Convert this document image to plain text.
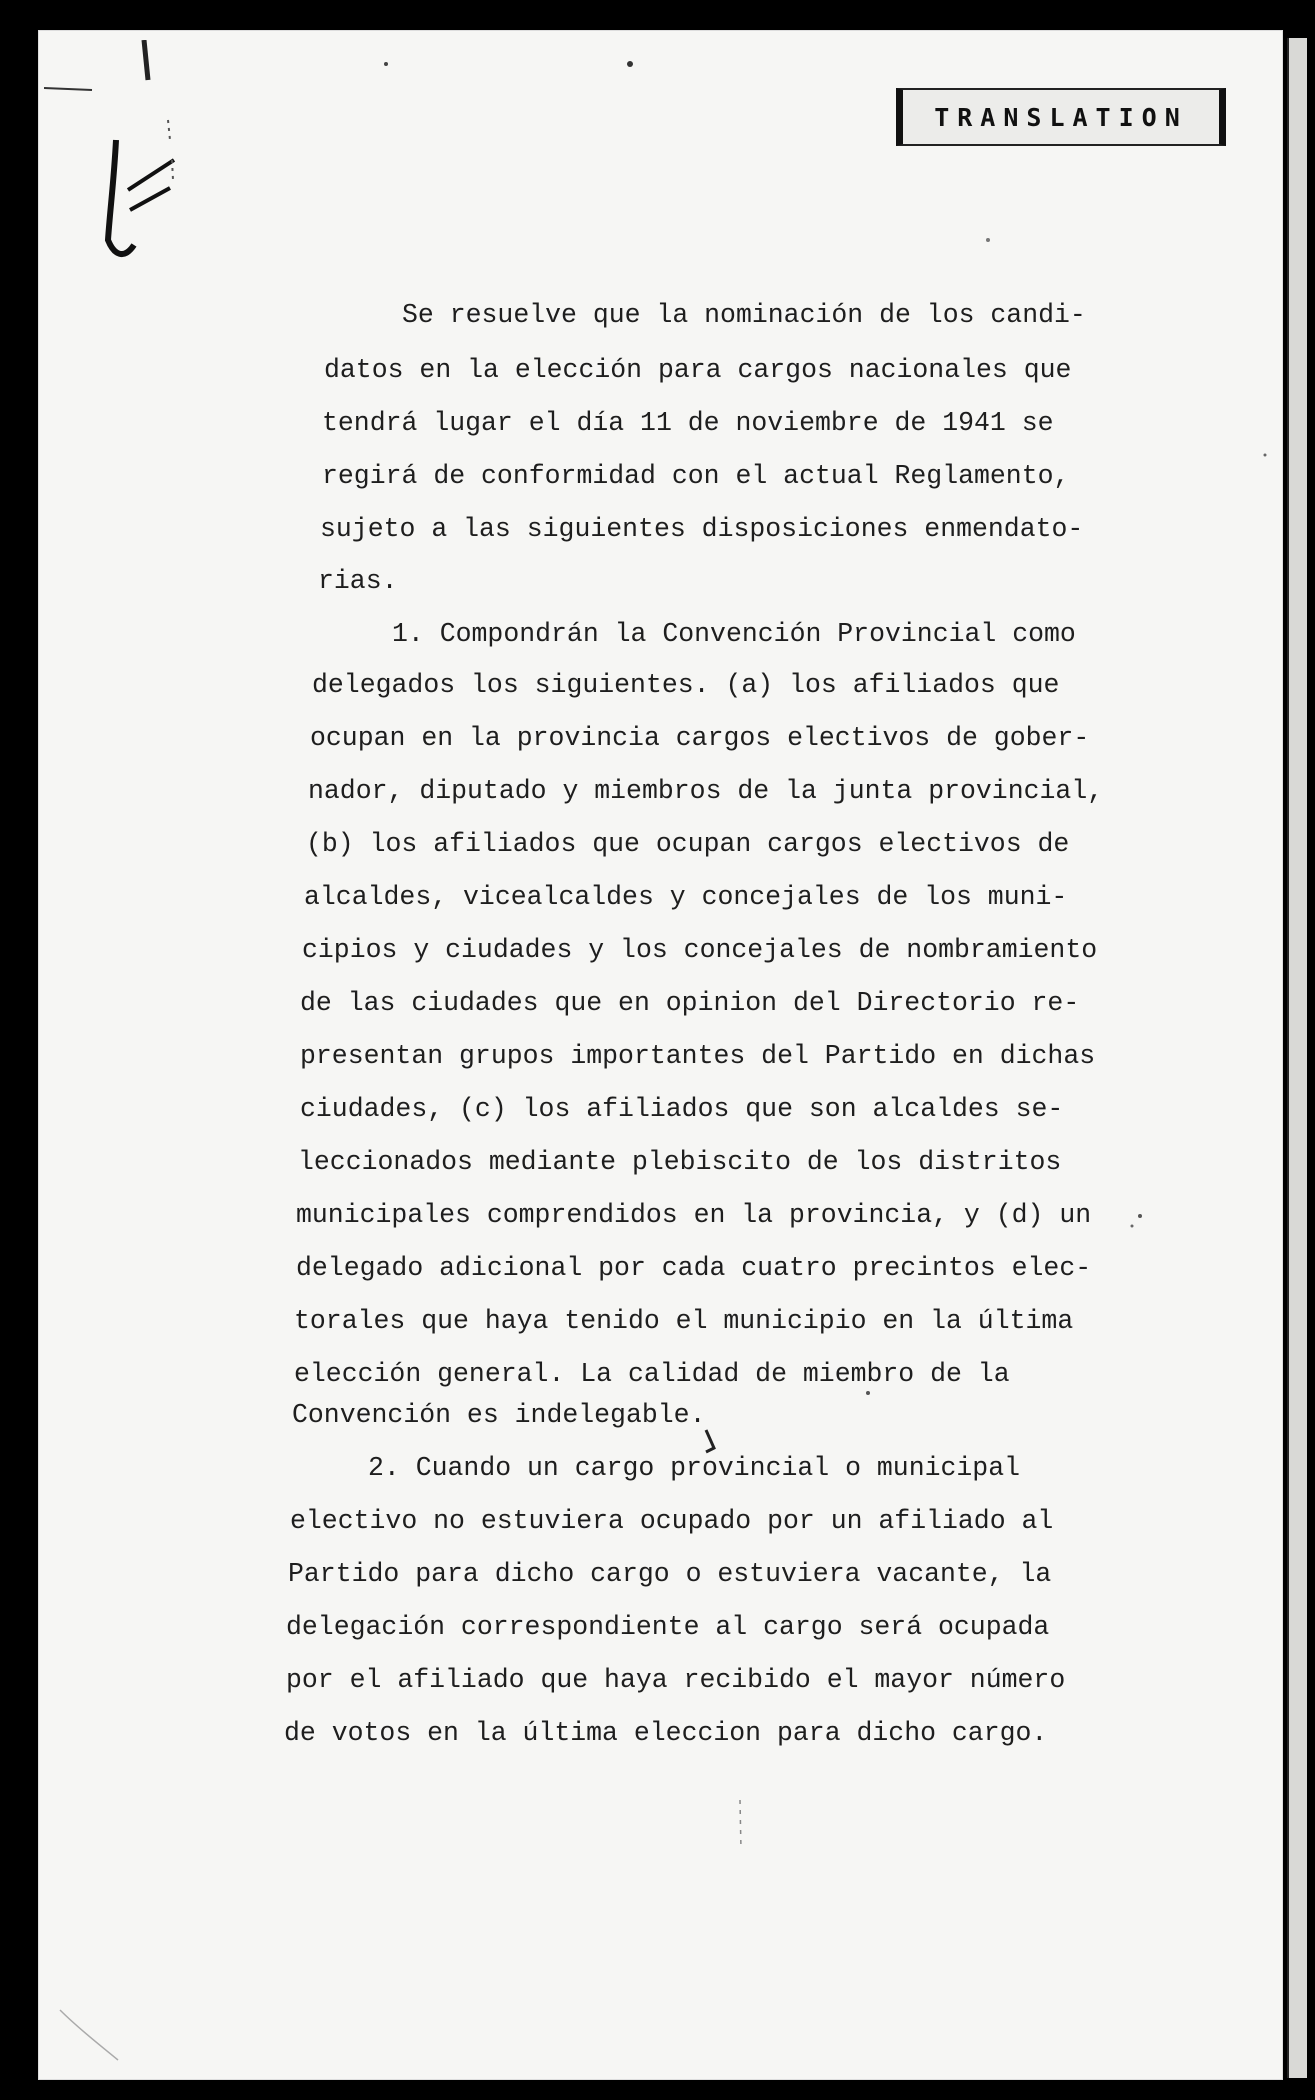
TRANSLATION
Se resuelve que la nominación de los candi-
datos en la elección para cargos nacionales que
tendrá lugar el día 11 de noviembre de 1941 se
regirá de conformidad con el actual Reglamento,
sujeto a las siguientes disposiciones enmendato-
rias.
1. Compondrán la Convención Provincial como
delegados los siguientes. (a) los afiliados que
ocupan en la provincia cargos electivos de gober-
nador, diputado y miembros de la junta provincial,
(b) los afiliados que ocupan cargos electivos de
alcaldes, vicealcaldes y concejales de los muni-
cipios y ciudades y los concejales de nombramiento
de las ciudades que en opinion del Directorio re-
presentan grupos importantes del Partido en dichas
ciudades, (c) los afiliados que son alcaldes se-
leccionados mediante plebiscito de los distritos
municipales comprendidos en la provincia, y (d) un
delegado adicional por cada cuatro precintos elec-
torales que haya tenido el municipio en la última
elección general. La calidad de miembro de la
Convención es indelegable.
2. Cuando un cargo provincial o municipal
electivo no estuviera ocupado por un afiliado al
Partido para dicho cargo o estuviera vacante, la
delegación correspondiente al cargo será ocupada
por el afiliado que haya recibido el mayor número
de votos en la última eleccion para dicho cargo.
